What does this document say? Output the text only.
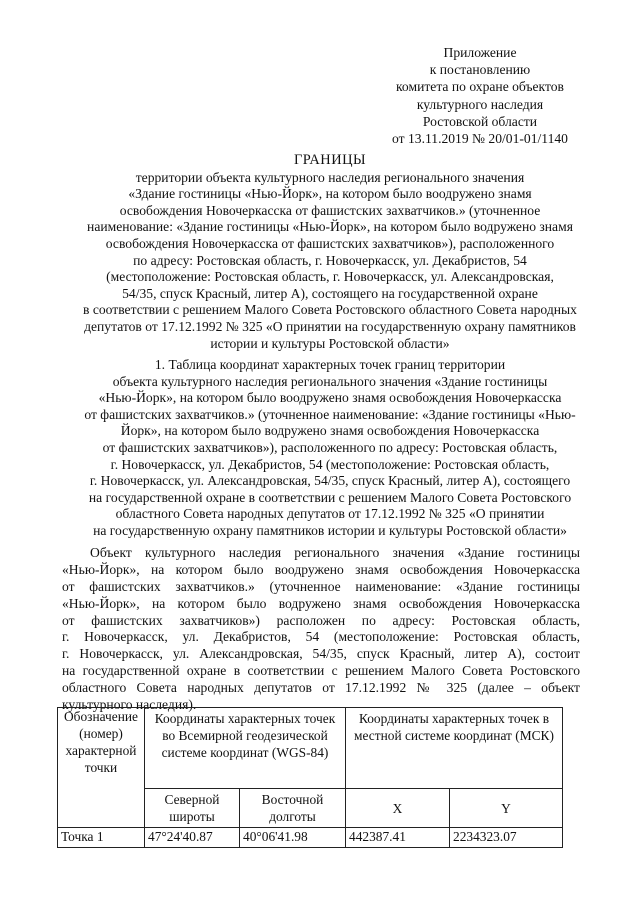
Приложение
к постановлению
комитета по охране объектов
культурного наследия
Ростовской области
от 13.11.2019 № 20/01-01/1140
ГРАНИЦЫ
территории объекта культурного наследия регионального значения
«Здание гостиницы «Нью-Йорк», на котором было воодружено знамя
освобождения Новочеркасска от фашистских захватчиков.» (уточненное
наименование: «Здание гостиницы «Нью-Йорк», на котором было водружено знамя
освобождения Новочеркасска от фашистских захватчиков»), расположенного
по адресу: Ростовская область, г. Новочеркасск, ул. Декабристов, 54
(местоположение: Ростовская область, г. Новочеркасск, ул. Александровская,
54/35, спуск Красный, литер А), состоящего на государственной охране
в соответствии с решением Малого Совета Ростовского областного Совета народных
депутатов от 17.12.1992 № 325 «О принятии на государственную охрану памятников
истории и культуры Ростовской области»
1. Таблица координат характерных точек границ территории
объекта культурного наследия регионального значения «Здание гостиницы
«Нью-Йорк», на котором было воодружено знамя освобождения Новочеркасска
от фашистских захватчиков.» (уточненное наименование: «Здание гостиницы «Нью-
Йорк», на котором было водружено знамя освобождения Новочеркасска
от фашистских захватчиков»), расположенного по адресу: Ростовская область,
г. Новочеркасск, ул. Декабристов, 54 (местоположение: Ростовская область,
г. Новочеркасск, ул. Александровская, 54/35, спуск Красный, литер А), состоящего
на государственной охране в соответствии с решением Малого Совета Ростовского
областного Совета народных депутатов от 17.12.1992 № 325 «О принятии
на государственную охрану памятников истории и культуры Ростовской области»
Объект культурного наследия регионального значения «Здание гостиницы
«Нью-Йорк», на котором было воодружено знамя освобождения Новочеркасска
от фашистских захватчиков.» (уточненное наименование: «Здание гостиницы
«Нью-Йорк», на котором было водружено знамя освобождения Новочеркасска
от фашистских захватчиков») расположен по адресу: Ростовская область,
г. Новочеркасск, ул. Декабристов, 54 (местоположение: Ростовская область,
г. Новочеркасск, ул. Александровская, 54/35, спуск Красный, литер А), состоит
на государственной охране в соответствии с решением Малого Совета Ростовского
областного Совета народных депутатов от 17.12.1992 № 325 (далее – объект
культурного наследия).
Обозначение (номер) характерной точки	Координаты характерных точек во Всемирной геодезической системе координат (WGS-84)		Координаты характерных точек в местной системе координат (МСК)	
	Северной широты	Восточной долготы	X	Y
Точка 1	47°24'40.87	40°06'41.98	442387.41	2234323.07
